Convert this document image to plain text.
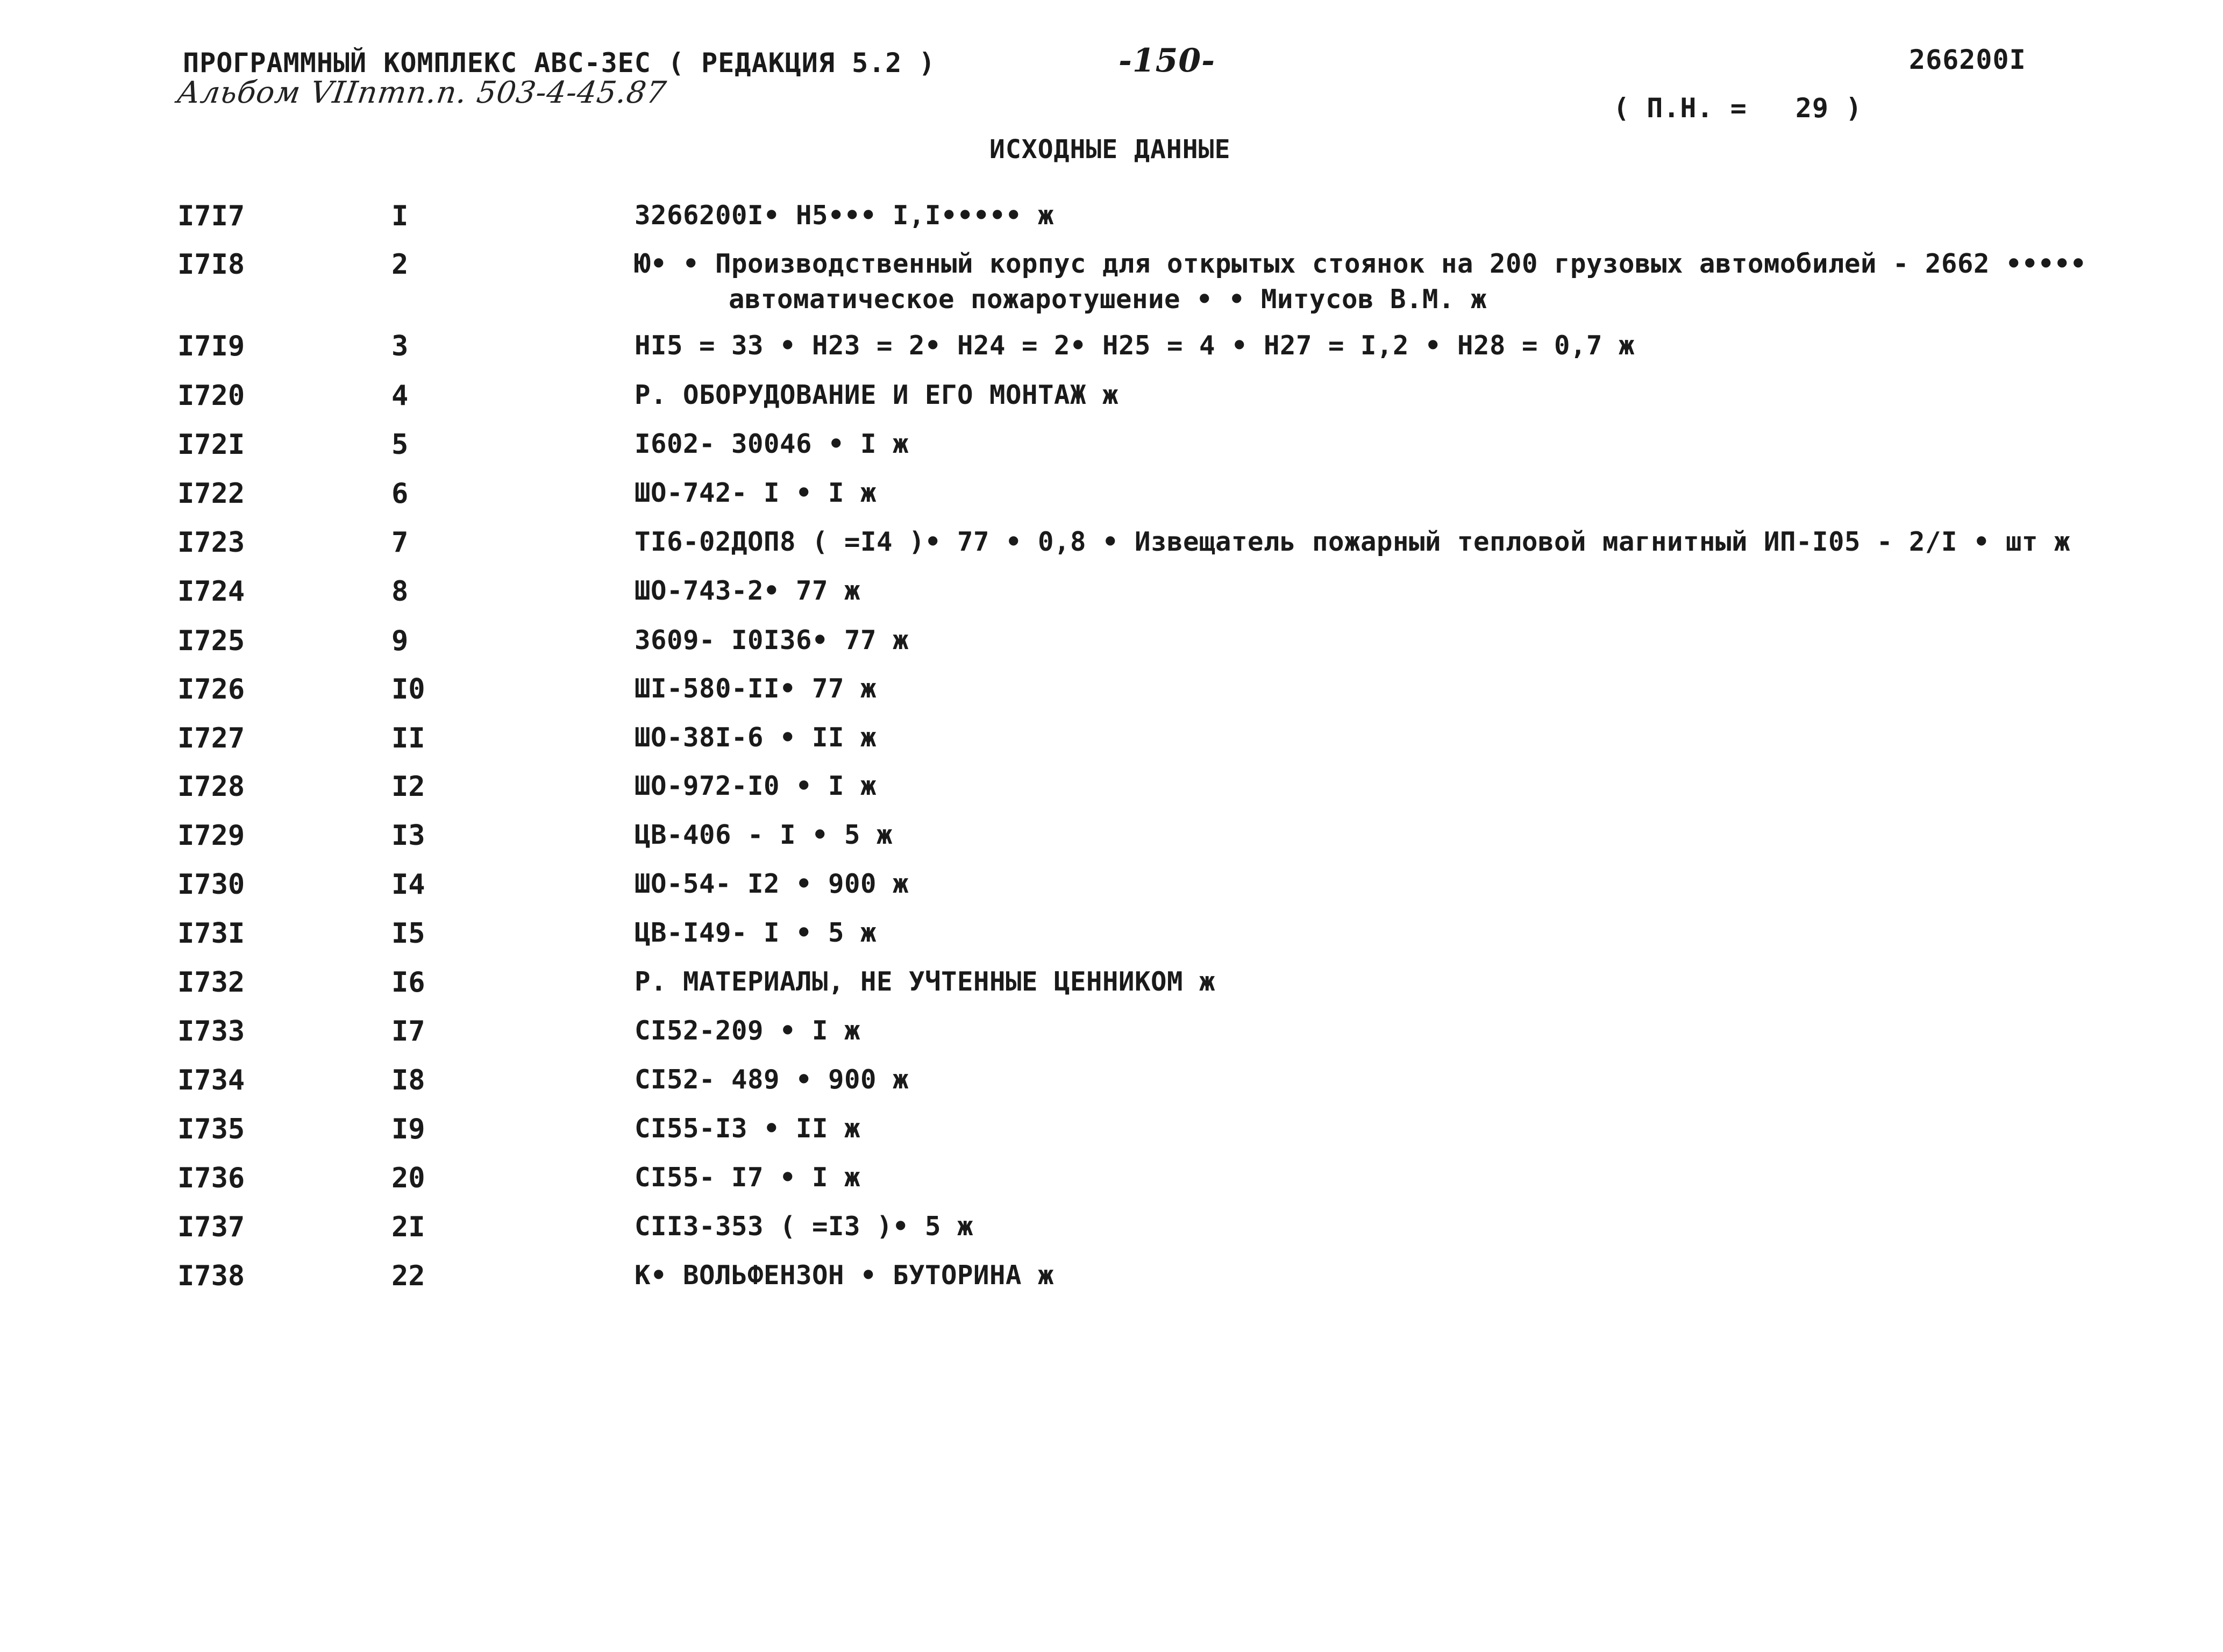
ПРОГРАММНЫЙ КОМПЛЕКС АВС-ЗЕС ( РЕДАКЦИЯ 5.2 )
Альбом VIIптп.п. 503-4-45.87
-150-	266200I
( П.Н. = 29 )
ИСХОДНЫЕ ДАННЫЕ
I7I7	I	3266200I• Н5••• I,I••••• ж
I7I8	2	Ю• • Производственный корпус для открытых стоянок на 200 грузовых автомобилей - 2662 •••••
автоматическое пожаротушение • • Митусов В.М. ж
I7I9	3	НI5 = 33 • Н23 = 2• Н24 = 2• Н25 = 4 • Н27 = I,2 • Н28 = 0,7 ж
I720	4	Р. ОБОРУДОВАНИЕ И ЕГО МОНТАЖ ж
I72I	5	I602- 30046 • I ж
I722	6	ШО-742- I • I ж
I723	7	ТI6-02ДОП8 ( =I4 )• 77 • 0,8 • Извещатель пожарный тепловой магнитный ИП-I05 - 2/I • шт ж
I724	8	ШО-743-2• 77 ж
I725	9	3609- I0I36• 77 ж
I726	I0	ШI-580-II• 77 ж
I727	II	ШО-38I-6 • II ж
I728	I2	ШО-972-I0 • I ж
I729	I3	ЦВ-406 - I • 5 ж
I730	I4	ШО-54- I2 • 900 ж
I73I	I5	ЦВ-I49- I • 5 ж
I732	I6	Р. МАТЕРИАЛЫ, НЕ УЧТЕННЫЕ ЦЕННИКОМ ж
I733	I7	СI52-209 • I ж
I734	I8	СI52- 489 • 900 ж
I735	I9	СI55-I3 • II ж
I736	20	СI55- I7 • I ж
I737	2I	СII3-353 ( =I3 )• 5 ж
I738	22	К• ВОЛЬФЕНЗОН • БУТОРИНА ж
